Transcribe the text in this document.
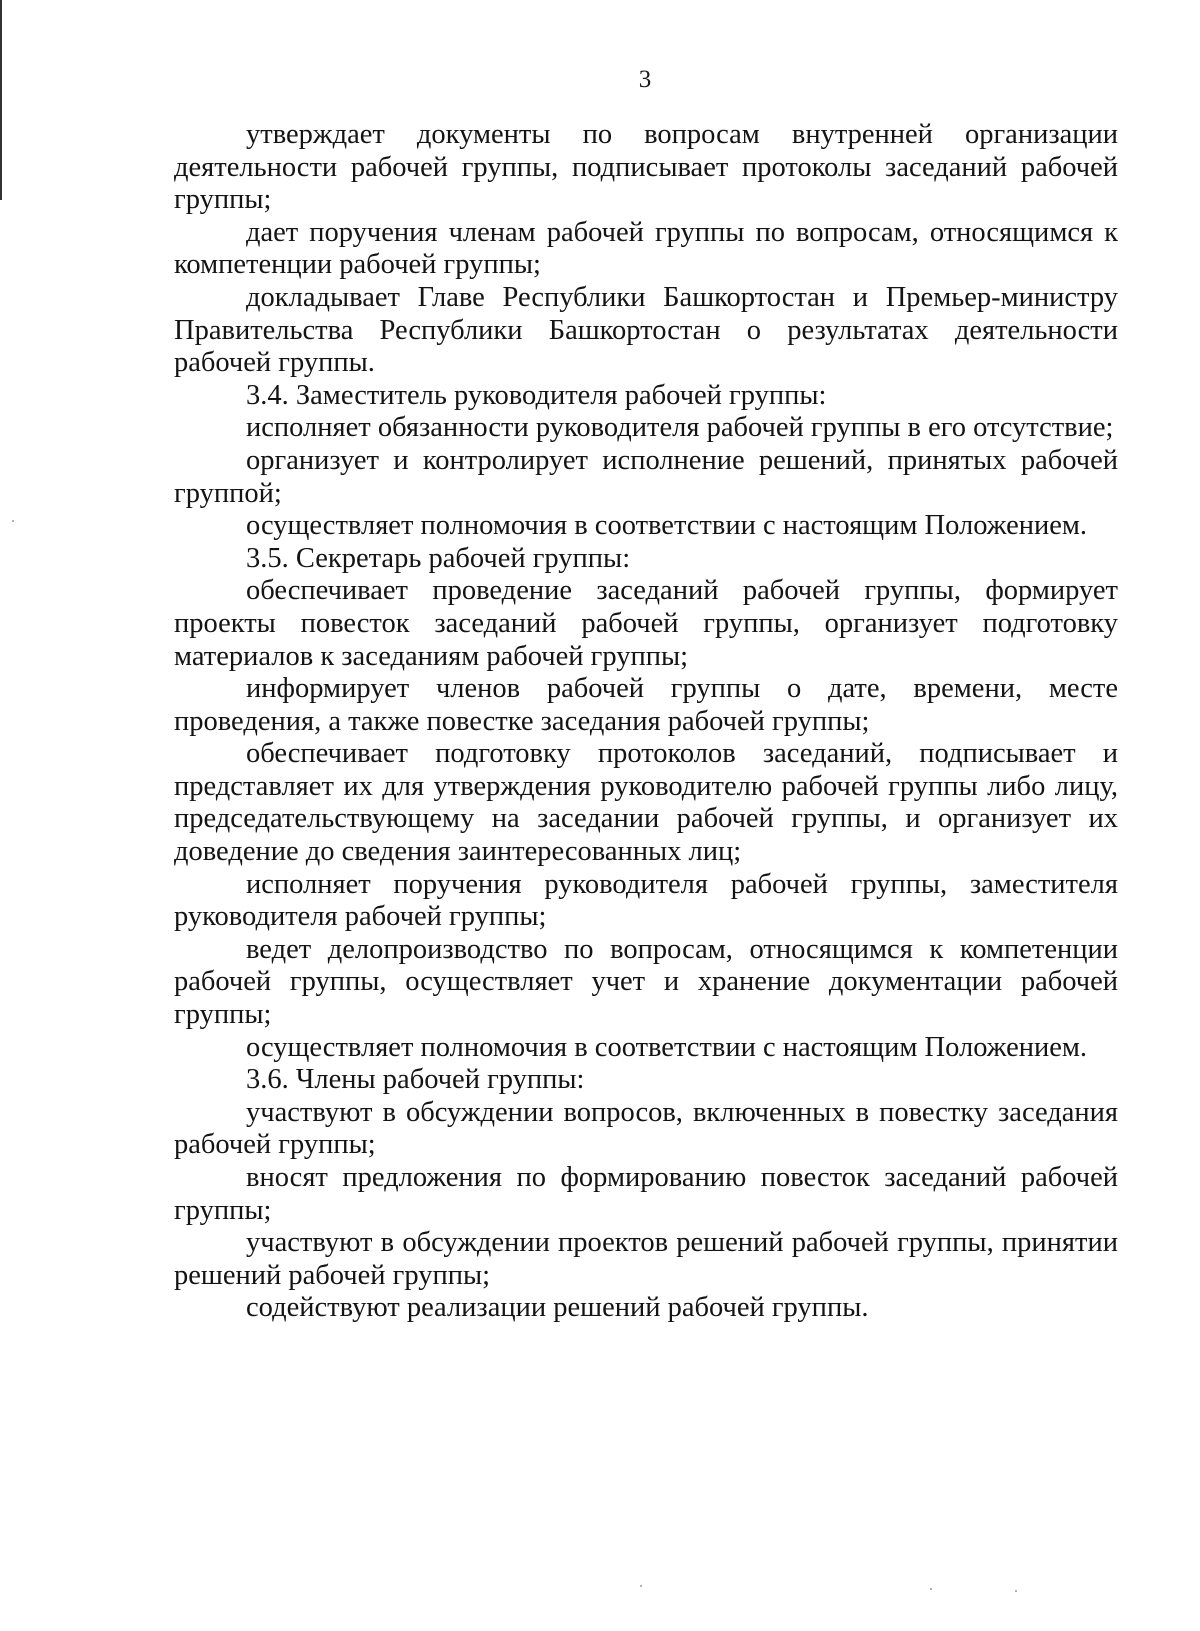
3

утверждает документы по вопросам внутренней организации деятельности рабочей группы, подписывает протоколы заседаний рабочей группы;

дает поручения членам рабочей группы по вопросам, относящимся к компетенции рабочей группы;

докладывает Главе Республики Башкортостан и Премьер-министру Правительства Республики Башкортостан о результатах деятельности рабочей группы.

3.4. Заместитель руководителя рабочей группы:

исполняет обязанности руководителя рабочей группы в его отсутствие;

организует и контролирует исполнение решений, принятых рабочей группой;

осуществляет полномочия в соответствии с настоящим Положением.

3.5. Секретарь рабочей группы:

обеспечивает проведение заседаний рабочей группы, формирует проекты повесток заседаний рабочей группы, организует подготовку материалов к заседаниям рабочей группы;

информирует членов рабочей группы о дате, времени, месте проведения, а также повестке заседания рабочей группы;

обеспечивает подготовку протоколов заседаний, подписывает и представляет их для утверждения руководителю рабочей группы либо лицу, председательствующему на заседании рабочей группы, и организует их доведение до сведения заинтересованных лиц;

исполняет поручения руководителя рабочей группы, заместителя руководителя рабочей группы;

ведет делопроизводство по вопросам, относящимся к компетенции рабочей группы, осуществляет учет и хранение документации рабочей группы;

осуществляет полномочия в соответствии с настоящим Положением.

3.6. Члены рабочей группы:

участвуют в обсуждении вопросов, включенных в повестку заседания рабочей группы;

вносят предложения по формированию повесток заседаний рабочей группы;

участвуют в обсуждении проектов решений рабочей группы, принятии решений рабочей группы;

содействуют реализации решений рабочей группы.
